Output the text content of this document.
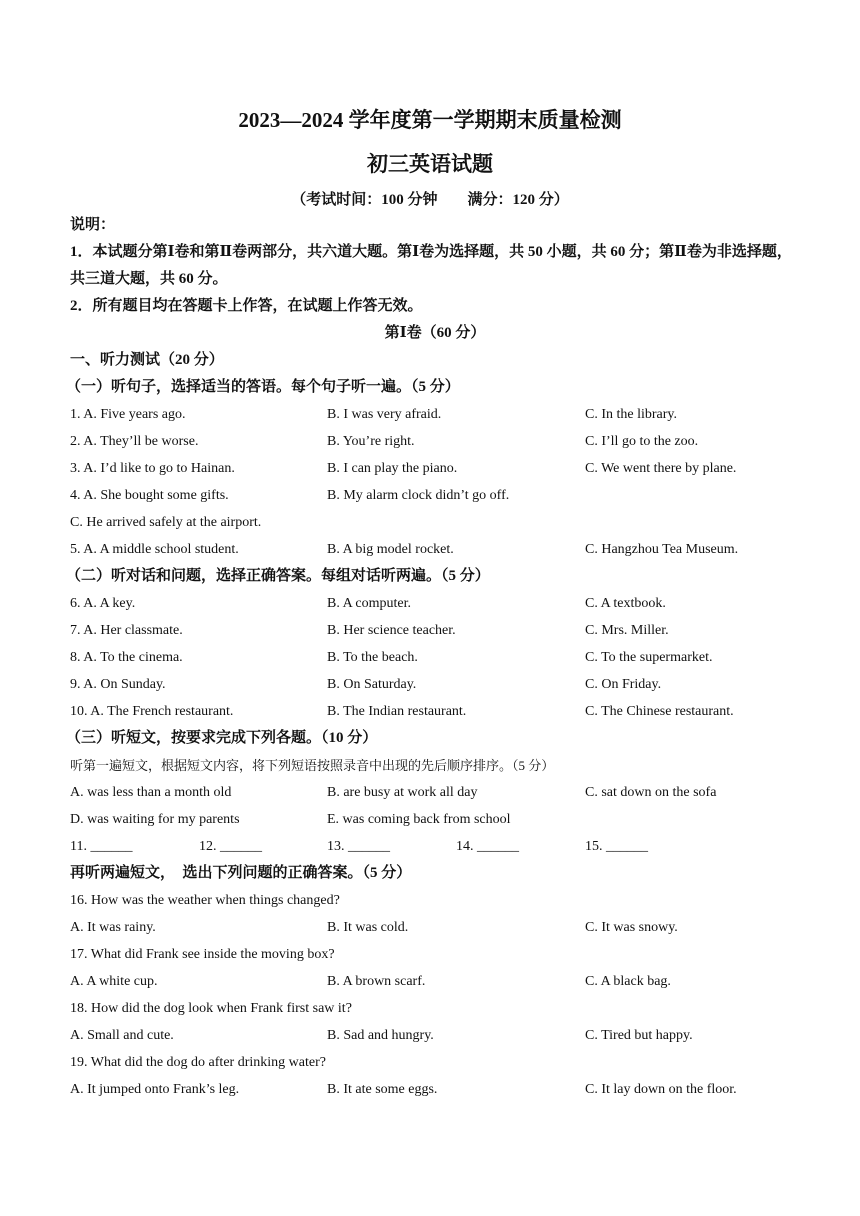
2023—2024 学年度第一学期期末质量检测
初三英语试题
（考试时间：100 分钟　　满分：120 分）
说明：
1．本试题分第Ⅰ卷和第Ⅱ卷两部分，共六道大题。第Ⅰ卷为选择题，共 50 小题，共 60 分；第Ⅱ卷为非选择题，共三道大题，共 60 分。
2．所有题目均在答题卡上作答，在试题上作答无效。
第Ⅰ卷（60 分）
一、听力测试（20 分）
（一）听句子，选择适当的答语。每个句子听一遍。（5 分）
1. A. Five years ago.	B. I was very afraid.	C. In the library.
2. A. They’ll be worse.	B. You’re right.	C. I’ll go to the zoo.
3. A. I’d like to go to Hainan.	B. I can play the piano.	C. We went there by plane.
4. A. She bought some gifts.	B. My alarm clock didn’t go off.
C. He arrived safely at the airport.
5. A. A middle school student.	B. A big model rocket.	C. Hangzhou Tea Museum.
（二）听对话和问题，选择正确答案。每组对话听两遍。（5 分）
6. A. A key.	B. A computer.	C. A textbook.
7. A. Her classmate.	B. Her science teacher.	C. Mrs. Miller.
8. A. To the cinema.	B. To the beach.	C. To the supermarket.
9. A. On Sunday.	B. On Saturday.	C. On Friday.
10. A. The French restaurant.	B. The Indian restaurant.	C. The Chinese restaurant.
（三）听短文，按要求完成下列各题。（10 分）
听第一遍短文，根据短文内容，将下列短语按照录音中出现的先后顺序排序。（5 分）
A. was less than a month old	B. are busy at work all day	C. sat down on the sofa
D. was waiting for my parents	E. was coming back from school
11. ______	12. ______	13. ______	14. ______	15. ______
再听两遍短文，　选出下列问题的正确答案。（5 分）
16. How was the weather when things changed?
A. It was rainy.	B. It was cold.	C. It was snowy.
17. What did Frank see inside the moving box?
A. A white cup.	B. A brown scarf.	C. A black bag.
18. How did the dog look when Frank first saw it?
A. Small and cute.	B. Sad and hungry.	C. Tired but happy.
19. What did the dog do after drinking water?
A. It jumped onto Frank’s leg.	B. It ate some eggs.	C. It lay down on the floor.
